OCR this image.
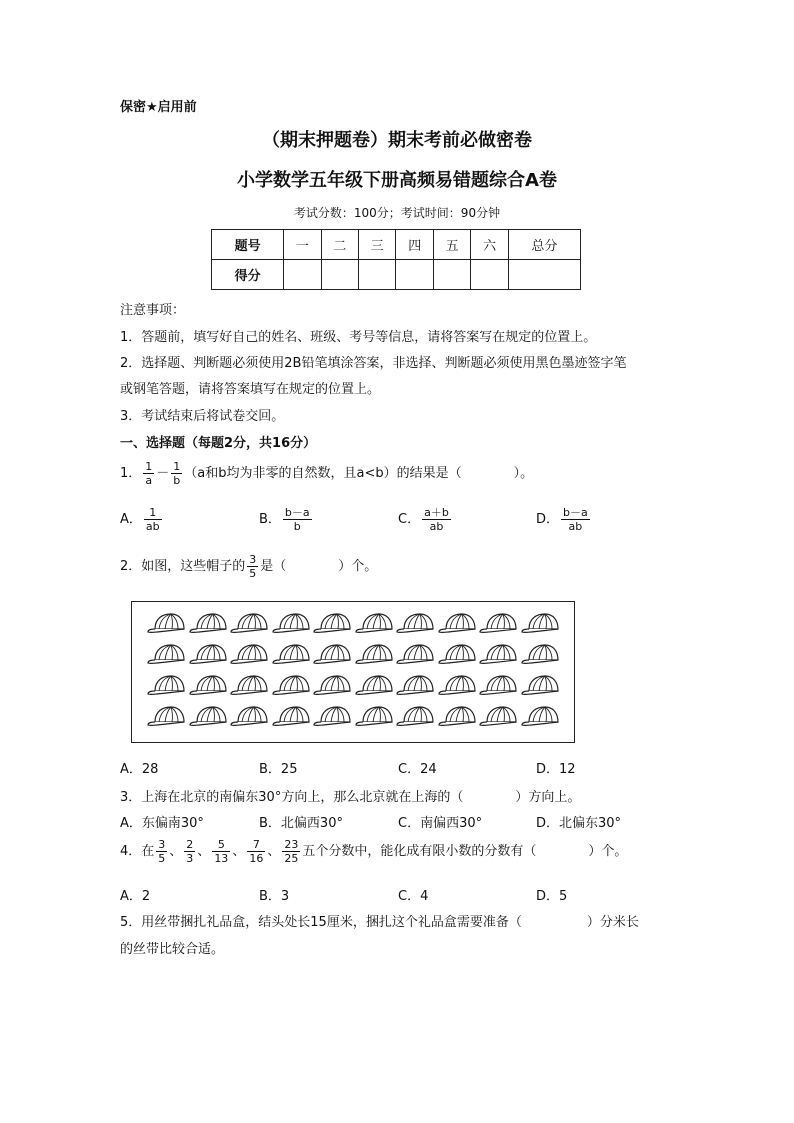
保密★启用前
（期末押题卷）期末考前必做密卷
小学数学五年级下册高频易错题综合A卷
考试分数：100分；考试时间：90分钟
题号	一	二	三	四	五	六	总分
得分							
注意事项：
1．答题前，填写好自己的姓名、班级、考号等信息，请将答案写在规定的位置上。
2．选择题、判断题必须使用2B铅笔填涂答案，非选择、判断题必须使用黑色墨迹签字笔
或钢笔答题，请将答案填写在规定的位置上。
3．考试结束后将试卷交回。
一、选择题（每题2分，共16分）
1． $\frac{1}{a} - \frac{1}{b} (a$和b均为非零的自然数，且a<b）的结果是（　　　　）。
A． $\frac{1}{ab}$	B． $\frac{b-a}{b}$	C． $\frac{a+b}{ab}$	D． $\frac{b-a}{ab}$
2．如图，这些帽子的 $\frac{3}{5}$ 是（　　　　）个。
A．28	B．25	C．24	D．12
3．上海在北京的南偏东30°方向上，那么北京就在上海的（　　　　）方向上。
A．东偏南30°	B．北偏西30°	C．南偏西30°	D．北偏东30°
4．在 $\frac{3}{5}$ 、 $\frac{2}{3}$ 、 $\frac{5}{13}$ 、 $\frac{7}{16}$ 、 $\frac{23}{25}$ 五个分数中，能化成有限小数的分数有（　　　　）个。
A．2	B．3	C．4	D．5
5．用丝带捆扎礼品盒，结头处长15厘米，捆扎这个礼品盒需要准备（　　　　　）分米长
的丝带比较合适。
